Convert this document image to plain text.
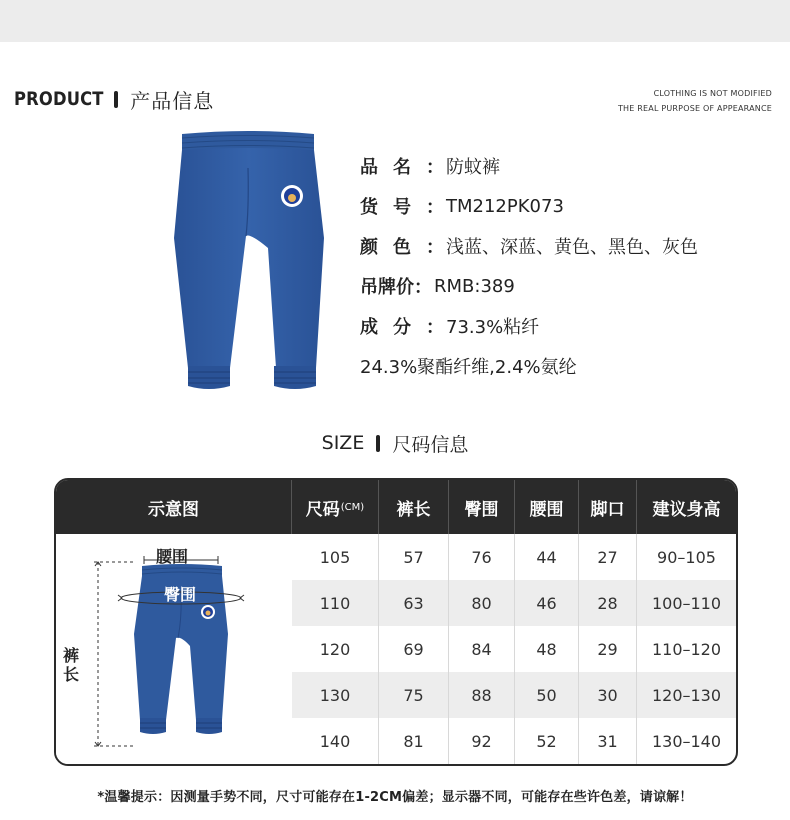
PRODUCT 产品信息	CLOTHING IS NOT MODIFIED
THE REAL PURPOSE OF APPEARANCE
品名 ： 防蚊裤
货号 ： TM212PK073
颜色 ： 浅蓝、深蓝、黄色、黑色、灰色
吊牌价 ： RMB:389
成分 ： 73.3%粘纤
24.3%聚酯纤维,2.4%氨纶
SIZE 尺码信息
示意图	尺码 (CM)	裤长	臀围	腰围	脚口	建议身高
腰围
臀围
裤
长
105	57	76	44	27	90–105
110	63	80	46	28	100–110
120	69	84	48	29	110–120
130	75	88	50	30	120–130
140	81	92	52	31	130–140
*温馨提示：因测量手势不同，尺寸可能存在1-2CM偏差；显示器不同，可能存在些许色差，请谅解！
